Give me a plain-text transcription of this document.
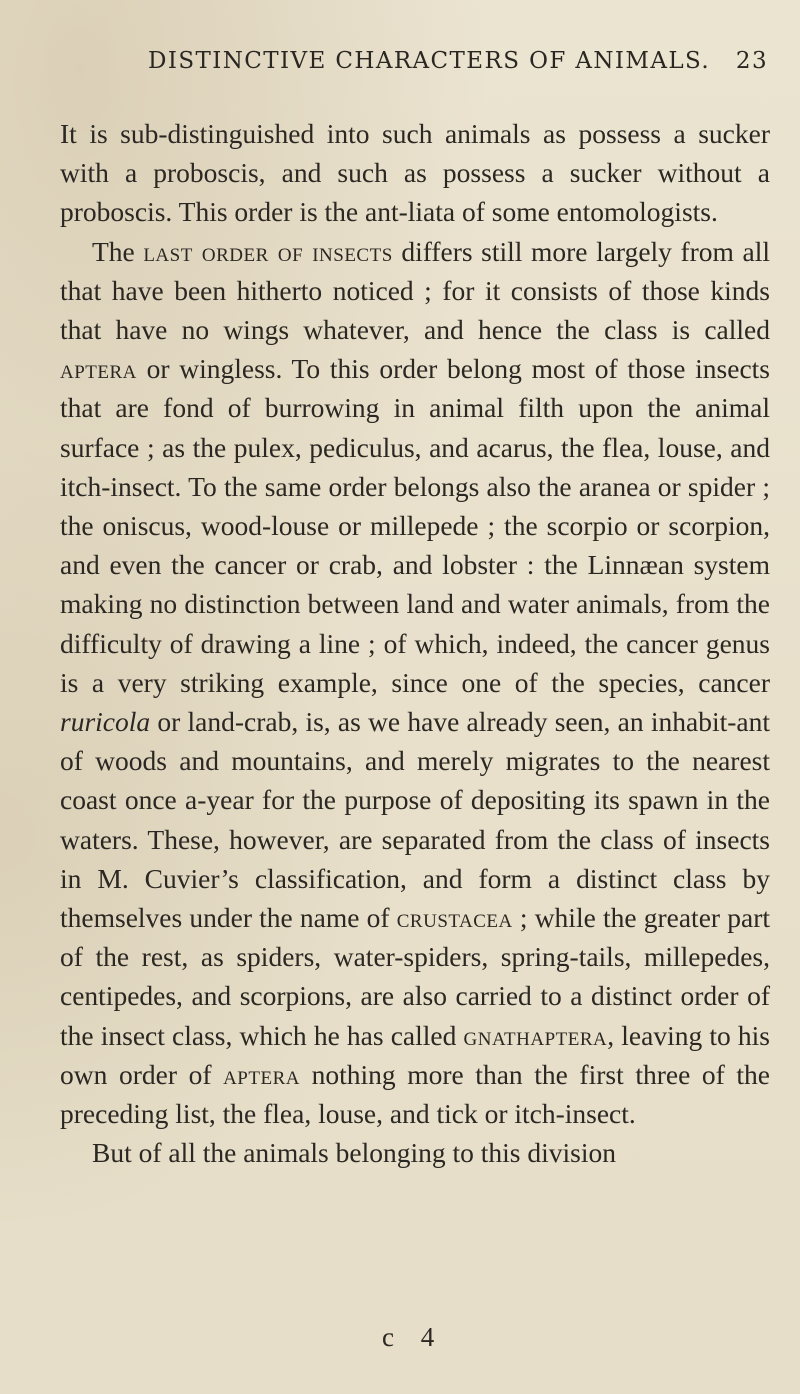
DISTINCTIVE CHARACTERS OF ANIMALS. 23

It is sub-distinguished into such animals as possess a sucker with a proboscis, and such as possess a sucker without a proboscis. This order is the ant-liata of some entomologists.

The last order of insects differs still more largely from all that have been hitherto noticed ; for it consists of those kinds that have no wings whatever, and hence the class is called aptera or wingless. To this order belong most of those insects that are fond of burrowing in animal filth upon the animal surface ; as the pulex, pediculus, and acarus, the flea, louse, and itch-insect. To the same order belongs also the aranea or spider ; the oniscus, wood-louse or millepede ; the scorpio or scorpion, and even the cancer or crab, and lobster : the Linnæan system making no distinction between land and water animals, from the difficulty of drawing a line ; of which, indeed, the cancer genus is a very striking example, since one of the species, cancer ruricola or land-crab, is, as we have already seen, an inhabit-ant of woods and mountains, and merely migrates to the nearest coast once a-year for the purpose of depositing its spawn in the waters. These, however, are separated from the class of insects in M. Cuvier’s classification, and form a distinct class by themselves under the name of crustacea ; while the greater part of the rest, as spiders, water-spiders, spring-tails, millepedes, centipedes, and scorpions, are also carried to a distinct order of the insect class, which he has called gnathaptera, leaving to his own order of aptera nothing more than the first three of the preceding list, the flea, louse, and tick or itch-insect.

But of all the animals belonging to this division

c 4
